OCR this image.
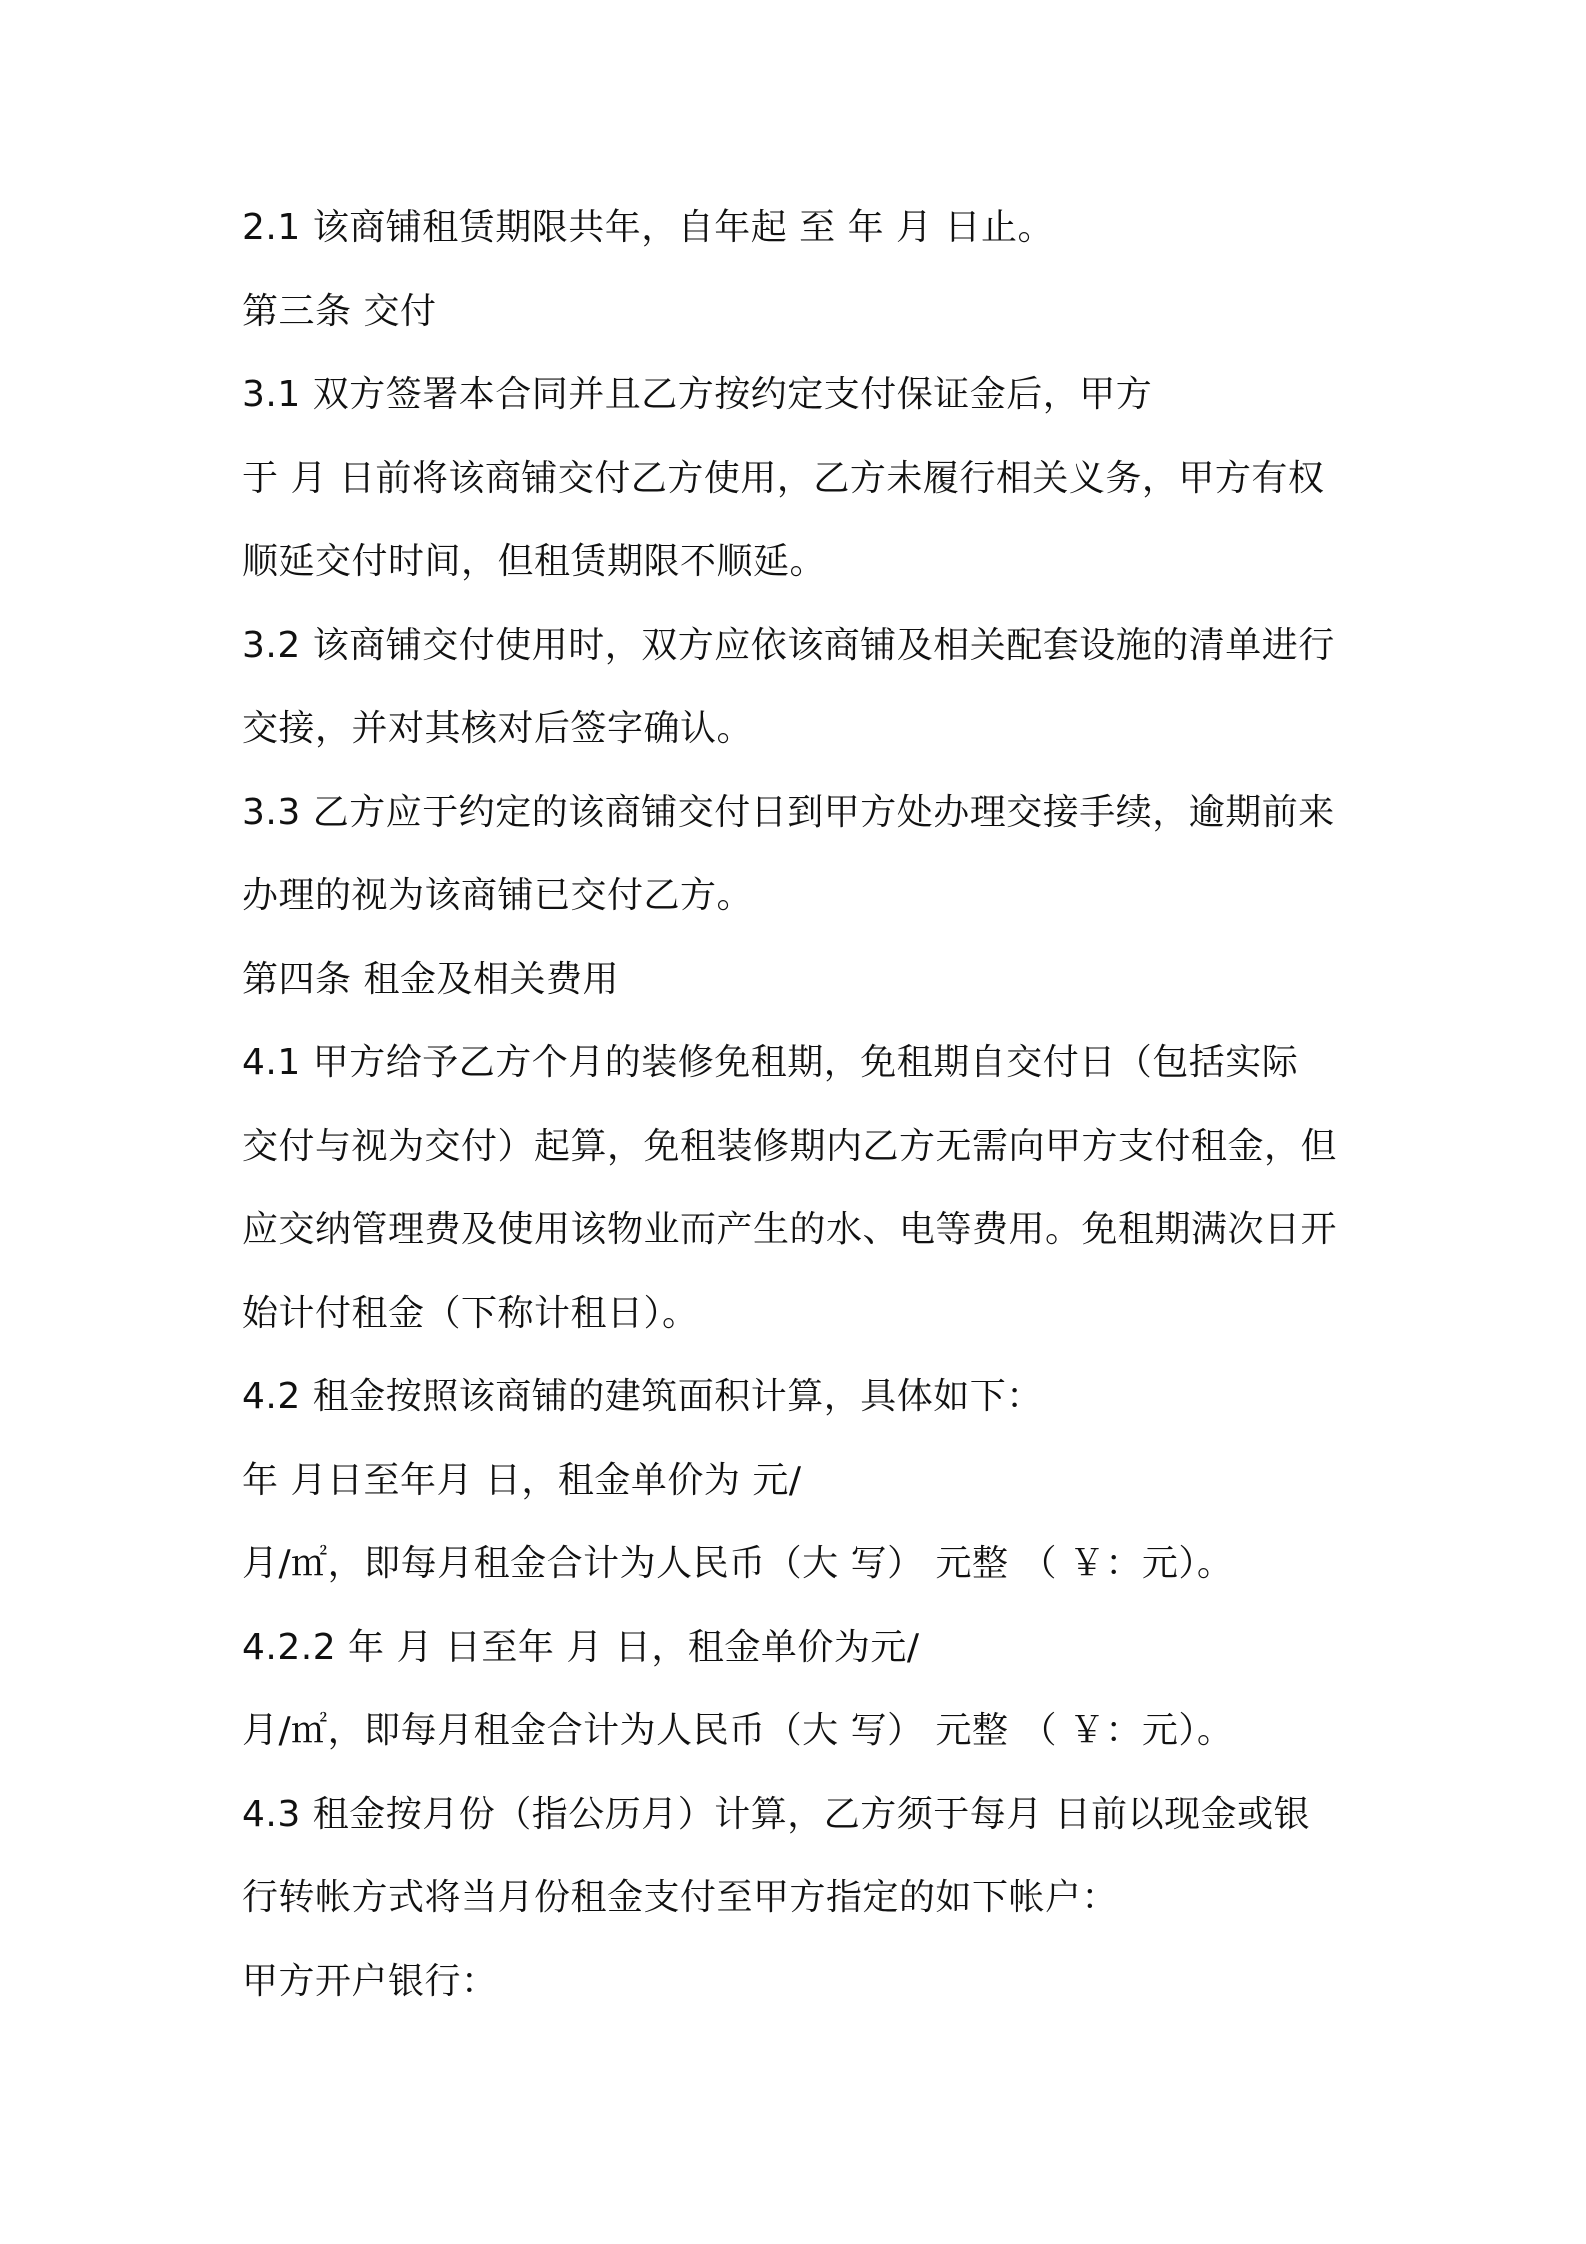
2.1 该商铺租赁期限共年，自年起 至 年 月 日止。
第三条 交付
3.1 双方签署本合同并且乙方按约定支付保证金后，甲方
于 月 日前将该商铺交付乙方使用，乙方未履行相关义务，甲方有权
顺延交付时间，但租赁期限不顺延。
3.2 该商铺交付使用时，双方应依该商铺及相关配套设施的清单进行
交接，并对其核对后签字确认。
3.3 乙方应于约定的该商铺交付日到甲方处办理交接手续，逾期前来
办理的视为该商铺已交付乙方。
第四条 租金及相关费用
4.1 甲方给予乙方个月的装修免租期，免租期自交付日（包括实际
交付与视为交付）起算，免租装修期内乙方无需向甲方支付租金，但
应交纳管理费及使用该物业而产生的水、电等费用。免租期满次日开
始计付租金（下称计租日）。
4.2 租金按照该商铺的建筑面积计算，具体如下：
年 月日至年月 日，租金单价为 元/
月/㎡，即每月租金合计为人民币（大 写） 元整 （ ￥：元）。
4.2.2 年 月 日至年 月 日，租金单价为元/
月/㎡，即每月租金合计为人民币（大 写） 元整 （ ￥：元）。
4.3 租金按月份（指公历月）计算，乙方须于每月 日前以现金或银
行转帐方式将当月份租金支付至甲方指定的如下帐户：
甲方开户银行：
